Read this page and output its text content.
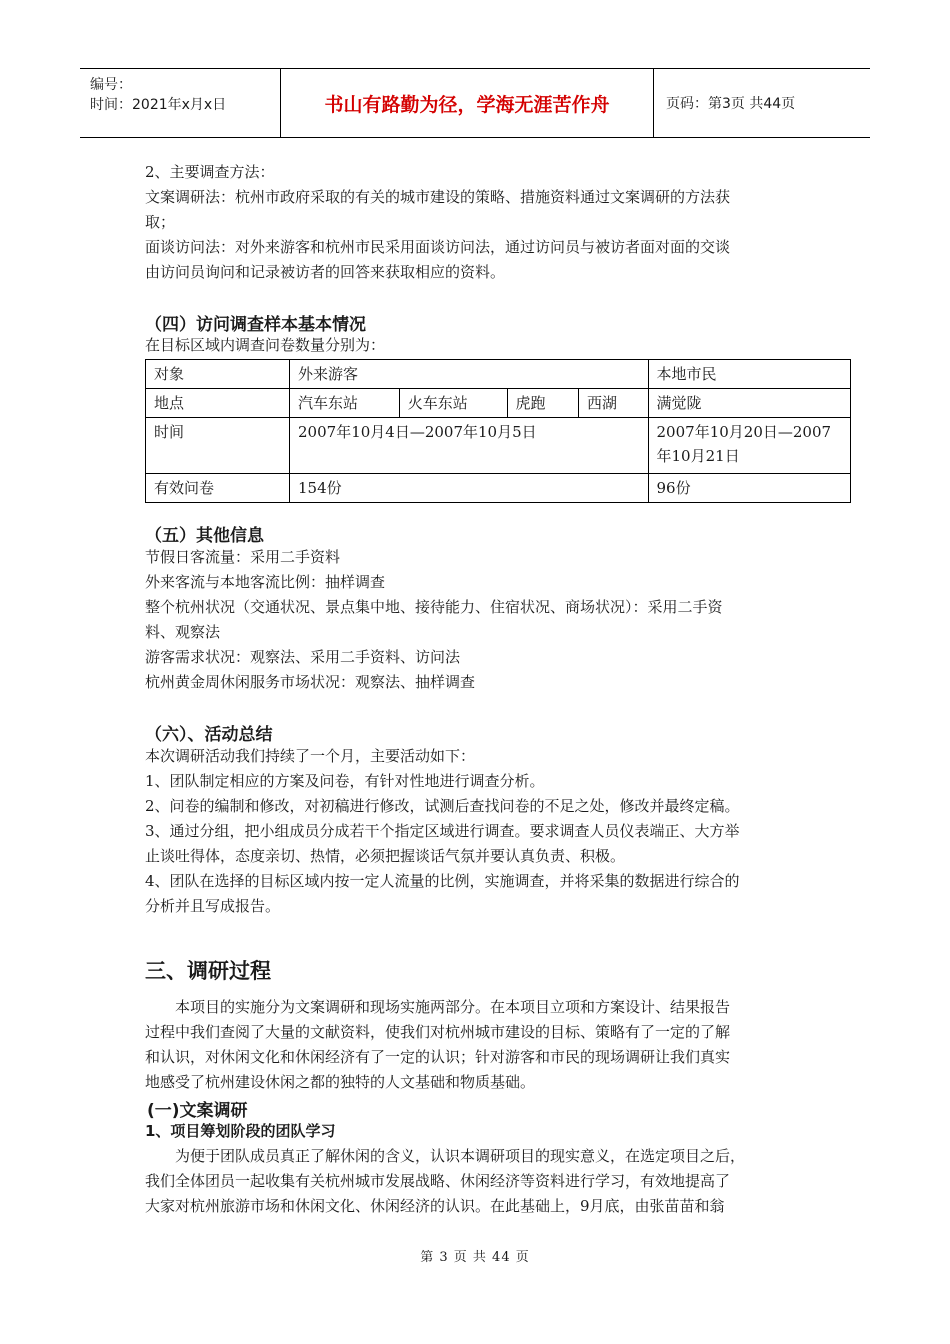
编号：
时间：2021年x月x日	书山有路勤为径，学海无涯苦作舟	页码：第3页 共44页

2、主要调查方法：

文案调研法：杭州市政府采取的有关的城市建设的策略、措施资料通过文案调研的方法获

取；

面谈访问法：对外来游客和杭州市民采用面谈访问法，通过访问员与被访者面对面的交谈

由访问员询问和记录被访者的回答来获取相应的资料。

（四）访问调查样本基本情况

在目标区域内调查问卷数量分别为：

对象	外来游客				本地市民
地点	汽车东站	火车东站	虎跑	西湖	满觉陇
时间	2007年10月4日—2007年10月5日				2007年10月20日—2007年10月21日
有效问卷	154份				96份
（五）其他信息

节假日客流量：采用二手资料

外来客流与本地客流比例：抽样调查

整个杭州状况（交通状况、景点集中地、接待能力、住宿状况、商场状况）：采用二手资

料、观察法

游客需求状况：观察法、采用二手资料、访问法

杭州黄金周休闲服务市场状况：观察法、抽样调查

（六）、活动总结

本次调研活动我们持续了一个月，主要活动如下：

1、团队制定相应的方案及问卷，有针对性地进行调查分析。

2、问卷的编制和修改，对初稿进行修改，试测后查找问卷的不足之处，修改并最终定稿。

3、通过分组，把小组成员分成若干个指定区域进行调查。要求调查人员仪表端正、大方举

止谈吐得体，态度亲切、热情，必须把握谈话气氛并要认真负责、积极。

4、团队在选择的目标区域内按一定人流量的比例，实施调查，并将采集的数据进行综合的

分析并且写成报告。

三、调研过程

本项目的实施分为文案调研和现场实施两部分。在本项目立项和方案设计、结果报告

过程中我们查阅了大量的文献资料，使我们对杭州城市建设的目标、策略有了一定的了解

和认识，对休闲文化和休闲经济有了一定的认识；针对游客和市民的现场调研让我们真实

地感受了杭州建设休闲之都的独特的人文基础和物质基础。

(一)文案调研
1、项目筹划阶段的团队学习

为便于团队成员真正了解休闲的含义，认识本调研项目的现实意义，在选定项目之后，

我们全体团员一起收集有关杭州城市发展战略、休闲经济等资料进行学习，有效地提高了

大家对杭州旅游市场和休闲文化、休闲经济的认识。在此基础上，9月底，由张苗苗和翁

第 3 页 共 44 页
